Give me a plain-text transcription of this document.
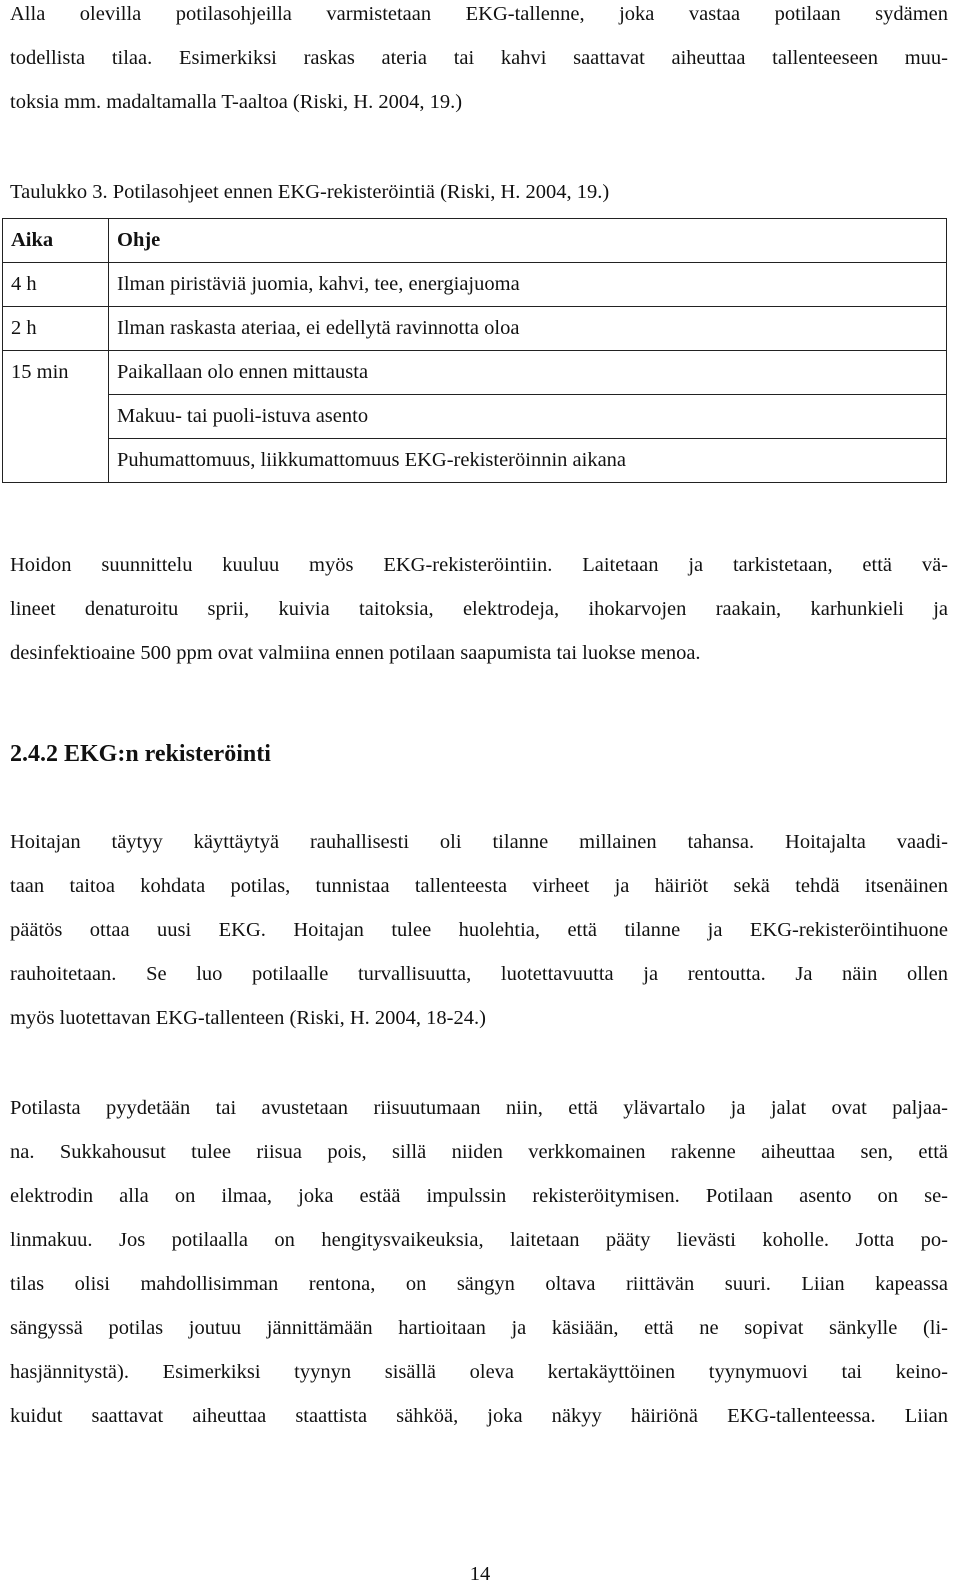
Alla olevilla potilasohjeilla varmistetaan EKG-tallenne, joka vastaa potilaan sydämen
todellista tilaa. Esimerkiksi raskas ateria tai kahvi saattavat aiheuttaa tallenteeseen muu-
toksia mm. madaltamalla T-aaltoa (Riski, H. 2004, 19.)
Taulukko 3. Potilasohjeet ennen EKG-rekisteröintiä (Riski, H. 2004, 19.)
Aika	Ohje
4 h	Ilman piristäviä juomia, kahvi, tee, energiajuoma
2 h	Ilman raskasta ateriaa, ei edellytä ravinnotta oloa
15 min	Paikallaan olo ennen mittausta
	Makuu- tai puoli-istuva asento
	Puhumattomuus, liikkumattomuus EKG-rekisteröinnin aikana
Hoidon suunnittelu kuuluu myös EKG-rekisteröintiin. Laitetaan ja tarkistetaan, että vä-
lineet denaturoitu sprii, kuivia taitoksia, elektrodeja, ihokarvojen raakain, karhunkieli ja
desinfektioaine 500 ppm ovat valmiina ennen potilaan saapumista tai luokse menoa.
2.4.2 EKG:n rekisteröinti
Hoitajan täytyy käyttäytyä rauhallisesti oli tilanne millainen tahansa. Hoitajalta vaadi-
taan taitoa kohdata potilas, tunnistaa tallenteesta virheet ja häiriöt sekä tehdä itsenäinen
päätös ottaa uusi EKG. Hoitajan tulee huolehtia, että tilanne ja EKG-rekisteröintihuone
rauhoitetaan. Se luo potilaalle turvallisuutta, luotettavuutta ja rentoutta. Ja näin ollen
myös luotettavan EKG-tallenteen (Riski, H. 2004, 18-24.)
Potilasta pyydetään tai avustetaan riisuutumaan niin, että ylävartalo ja jalat ovat paljaa-
na. Sukkahousut tulee riisua pois, sillä niiden verkkomainen rakenne aiheuttaa sen, että
elektrodin alla on ilmaa, joka estää impulssin rekisteröitymisen. Potilaan asento on se-
linmakuu. Jos potilaalla on hengitysvaikeuksia, laitetaan pääty lievästi koholle. Jotta po-
tilas olisi mahdollisimman rentona, on sängyn oltava riittävän suuri. Liian kapeassa
sängyssä potilas joutuu jännittämään hartioitaan ja käsiään, että ne sopivat sänkylle (li-
hasjännitystä). Esimerkiksi tyynyn sisällä oleva kertakäyttöinen tyynymuovi tai keino-
kuidut saattavat aiheuttaa staattista sähköä, joka näkyy häiriönä EKG-tallenteessa. Liian
14
